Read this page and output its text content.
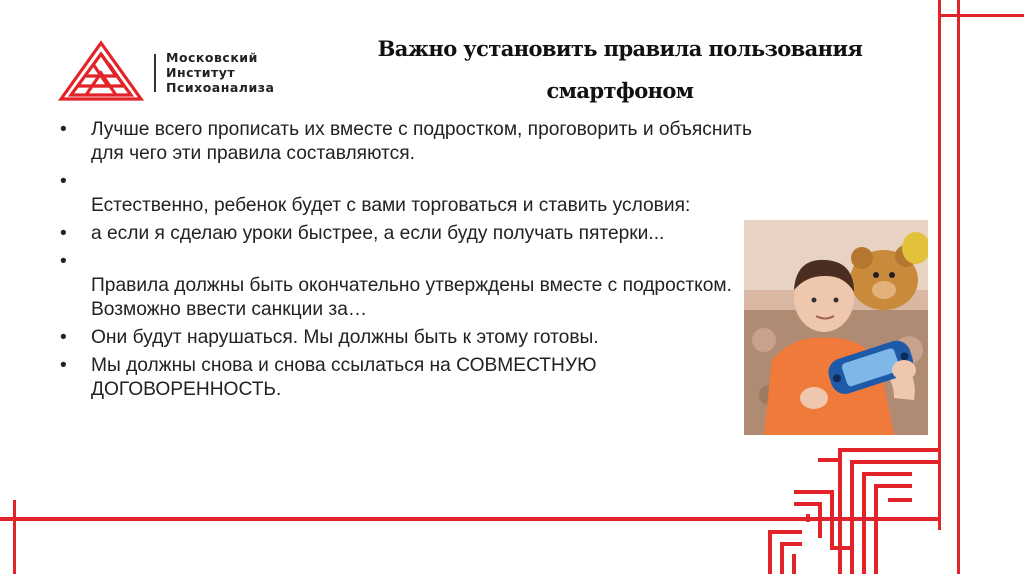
Московский
Институт
Психоанализа
Важно установить правила пользования
смартфоном
• Лучше всего прописать их вместе с подростком, проговорить и объяснить для чего эти правила составляются.
•
Естественно, ребенок будет с вами торговаться и ставить условия:
• а если я сделаю уроки быстрее, а если буду получать пятерки...
•
Правила должны быть окончательно утверждены вместе с подростком. Возможно ввести санкции за…
• Они будут нарушаться. Мы должны быть к этому готовы.
• Мы должны снова и снова ссылаться на СОВМЕСТНУЮ ДОГОВОРЕННОСТЬ.
